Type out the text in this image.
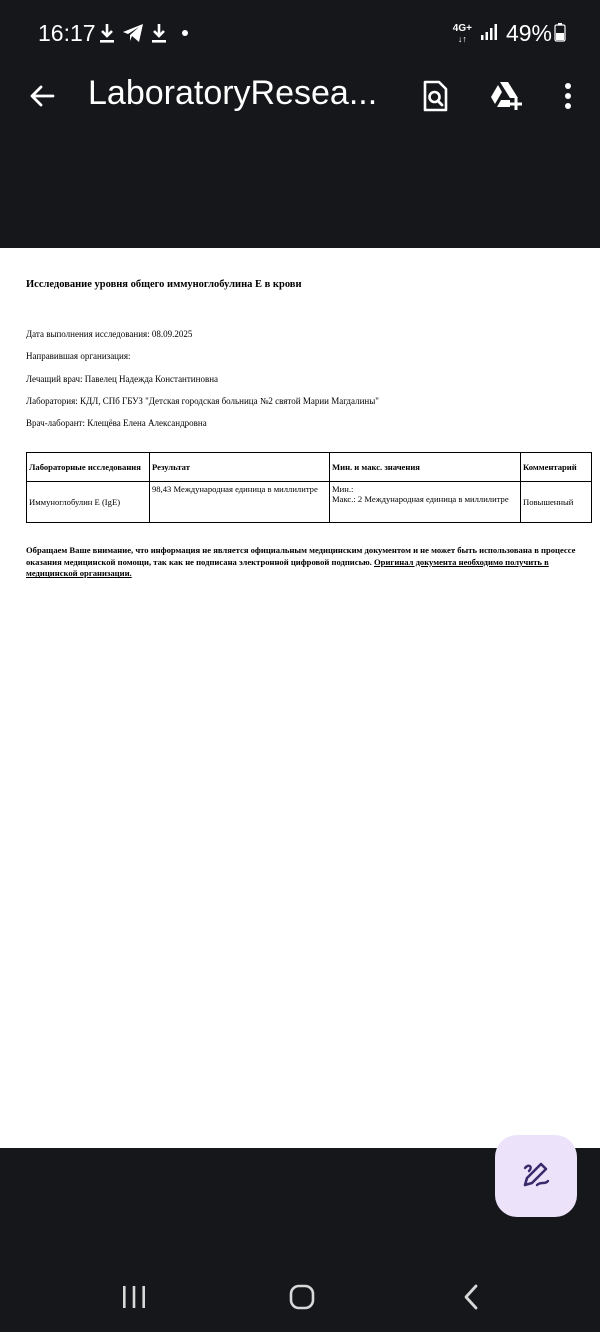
16:17	4G+
↓↑ 49%
LaboratoryResea...
Исследование уровня общего иммуноглобулина Е в крови
Дата выполнения исследования: 08.09.2025
Направившая организация:
Лечащий врач: Павелец Надежда Константиновна
Лаборатория: КДЛ, СПб ГБУЗ "Детская городская больница №2 святой Марии Магдалины"
Врач-лаборант: Клещёва Елена Александровна
Лабораторные исследования	Результат	Мин. и макс. значения	Комментарий
Иммуноглобулин Е (IgE)	98,43 Международная единица в миллилитре	Мин.:
Макс.: 2 Международная единица в миллилитре	Повышенный
Обращаем Ваше внимание, что информация не является официальным медицинским документом и не может быть использована в процессе оказания медицинской помощи, так как не подписана электронной цифровой подписью. Оригинал документа необходимо получить в медицинской организации.
